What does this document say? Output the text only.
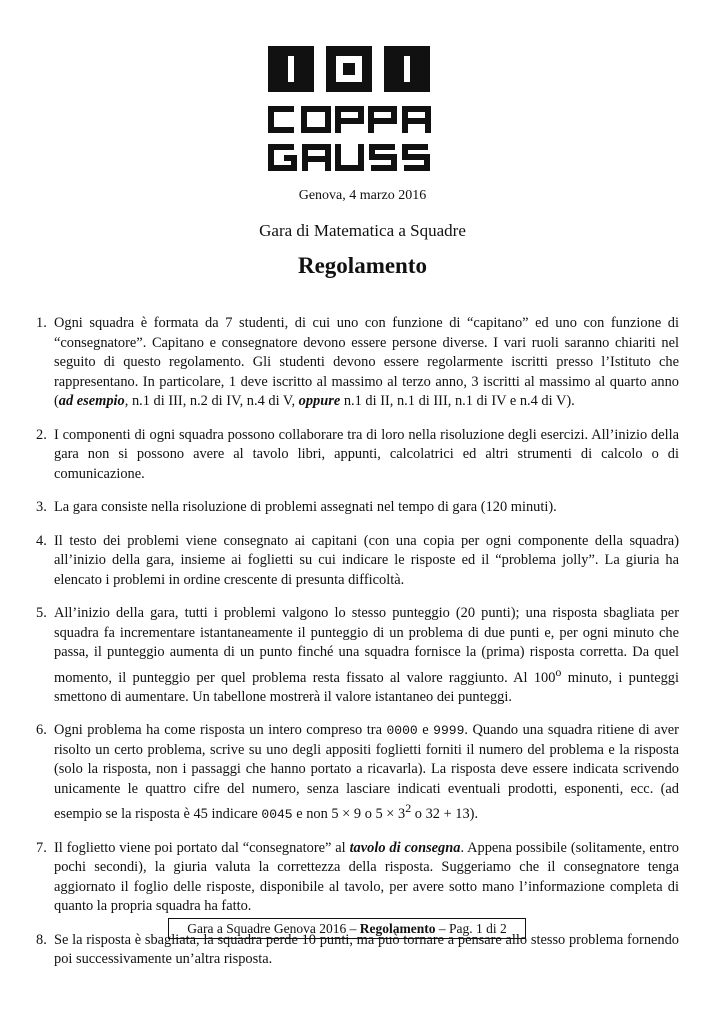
Genova, 4 marzo 2016
Gara di Matematica a Squadre
Regolamento
1. Ogni squadra è formata da 7 studenti, di cui uno con funzione di “capitano” ed uno con funzione di “consegnatore”. Capitano e consegnatore devono essere persone diverse. I vari ruoli saranno chiariti nel seguito di questo regolamento. Gli studenti devono essere regolarmente iscritti presso l’Istituto che rappresentano. In particolare, 1 deve iscritto al massimo al terzo anno, 3 iscritti al massimo al quarto anno (ad esempio, n.1 di III, n.2 di IV, n.4 di V, oppure n.1 di II, n.1 di III, n.1 di IV e n.4 di V).
2. I componenti di ogni squadra possono collaborare tra di loro nella risoluzione degli esercizi. All’inizio della gara non si possono avere al tavolo libri, appunti, calcolatrici ed altri strumenti di calcolo o di comunicazione.
3. La gara consiste nella risoluzione di problemi assegnati nel tempo di gara (120 minuti).
4. Il testo dei problemi viene consegnato ai capitani (con una copia per ogni componente della squadra) all’inizio della gara, insieme ai foglietti su cui indicare le risposte ed il “problema jolly”. La giuria ha elencato i problemi in ordine crescente di presunta difficoltà.
5. All’inizio della gara, tutti i problemi valgono lo stesso punteggio (20 punti); una risposta sbagliata per squadra fa incrementare istantaneamente il punteggio di un problema di due punti e, per ogni minuto che passa, il punteggio aumenta di un punto finché una squadra fornisce la (prima) risposta corretta. Da quel momento, il punteggio per quel problema resta fissato al valore raggiunto. Al 100$^o$ minuto, i punteggi smettono di aumentare. Un tabellone mostrerà il valore istantaneo dei punteggi.
6. Ogni problema ha come risposta un intero compreso tra 0000 e 9999. Quando una squadra ritiene di aver risolto un certo problema, scrive su uno degli appositi foglietti forniti il numero del problema e la risposta (solo la risposta, non i passaggi che hanno portato a ricavarla). La risposta deve essere indicata scrivendo unicamente le quattro cifre del numero, senza lasciare indicati eventuali prodotti, esponenti, ecc. (ad esempio se la risposta è 45 indicare 0045 e non 5 × 9 o $5 \times 3^2$ o 32 + 13).
7. Il foglietto viene poi portato dal “consegnatore” al tavolo di consegna. Appena possibile (solitamente, entro pochi secondi), la giuria valuta la correttezza della risposta. Suggeriamo che il consegnatore tenga aggiornato il foglio delle risposte, disponibile al tavolo, per avere sotto mano l’informazione completa di quanto la propria squadra ha fatto.
8. Se la risposta è sbagliata, la squadra perde 10 punti, ma può tornare a pensare allo stesso problema fornendo poi successivamente un’altra risposta.
Gara a Squadre Genova 2016 – Regolamento – Pag. 1 di 2
